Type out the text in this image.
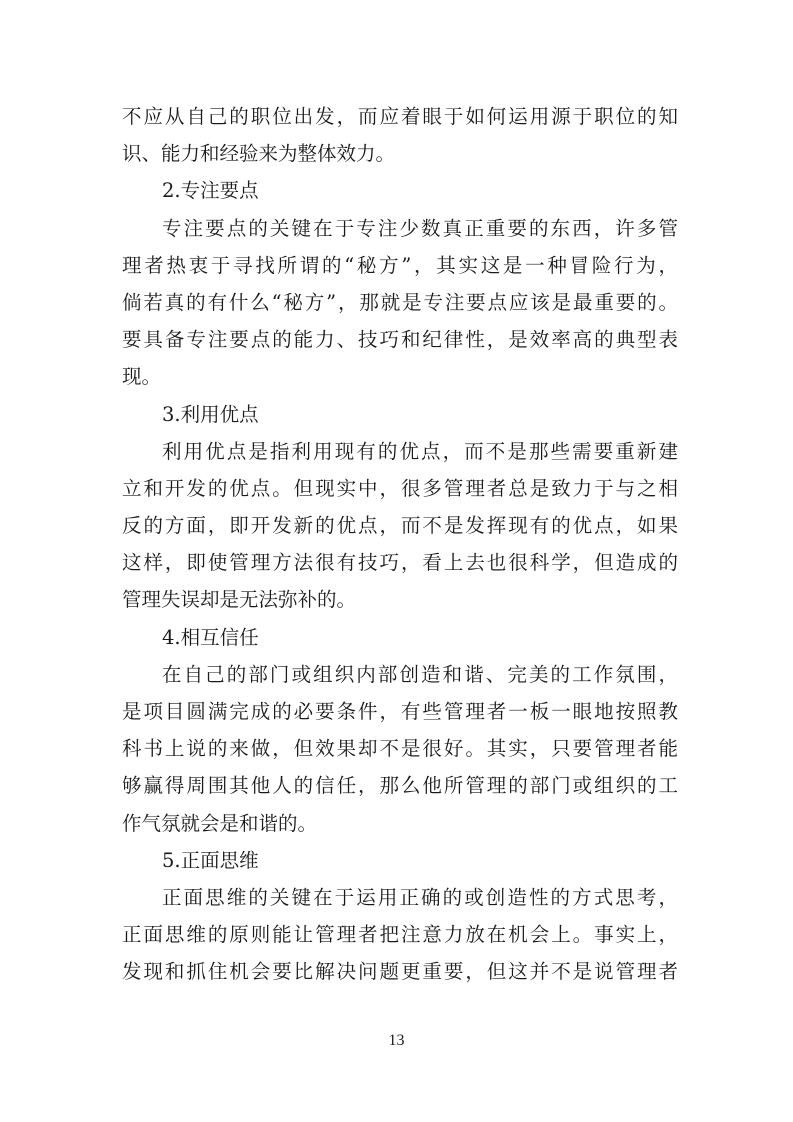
不应从自己的职位出发，而应着眼于如何运用源于职位的知
识、能力和经验来为整体效力。
2.专注要点
专注要点的关键在于专注少数真正重要的东西，许多管
理者热衷于寻找所谓的“秘方”，其实这是一种冒险行为，
倘若真的有什么“秘方”，那就是专注要点应该是最重要的。
要具备专注要点的能力、技巧和纪律性，是效率高的典型表
现。
3.利用优点
利用优点是指利用现有的优点，而不是那些需要重新建
立和开发的优点。但现实中，很多管理者总是致力于与之相
反的方面，即开发新的优点，而不是发挥现有的优点，如果
这样，即使管理方法很有技巧，看上去也很科学，但造成的
管理失误却是无法弥补的。
4.相互信任
在自己的部门或组织内部创造和谐、完美的工作氛围，
是项目圆满完成的必要条件，有些管理者一板一眼地按照教
科书上说的来做，但效果却不是很好。其实，只要管理者能
够赢得周围其他人的信任，那么他所管理的部门或组织的工
作气氛就会是和谐的。
5.正面思维
正面思维的关键在于运用正确的或创造性的方式思考，
正面思维的原则能让管理者把注意力放在机会上。事实上，
发现和抓住机会要比解决问题更重要，但这并不是说管理者
13
